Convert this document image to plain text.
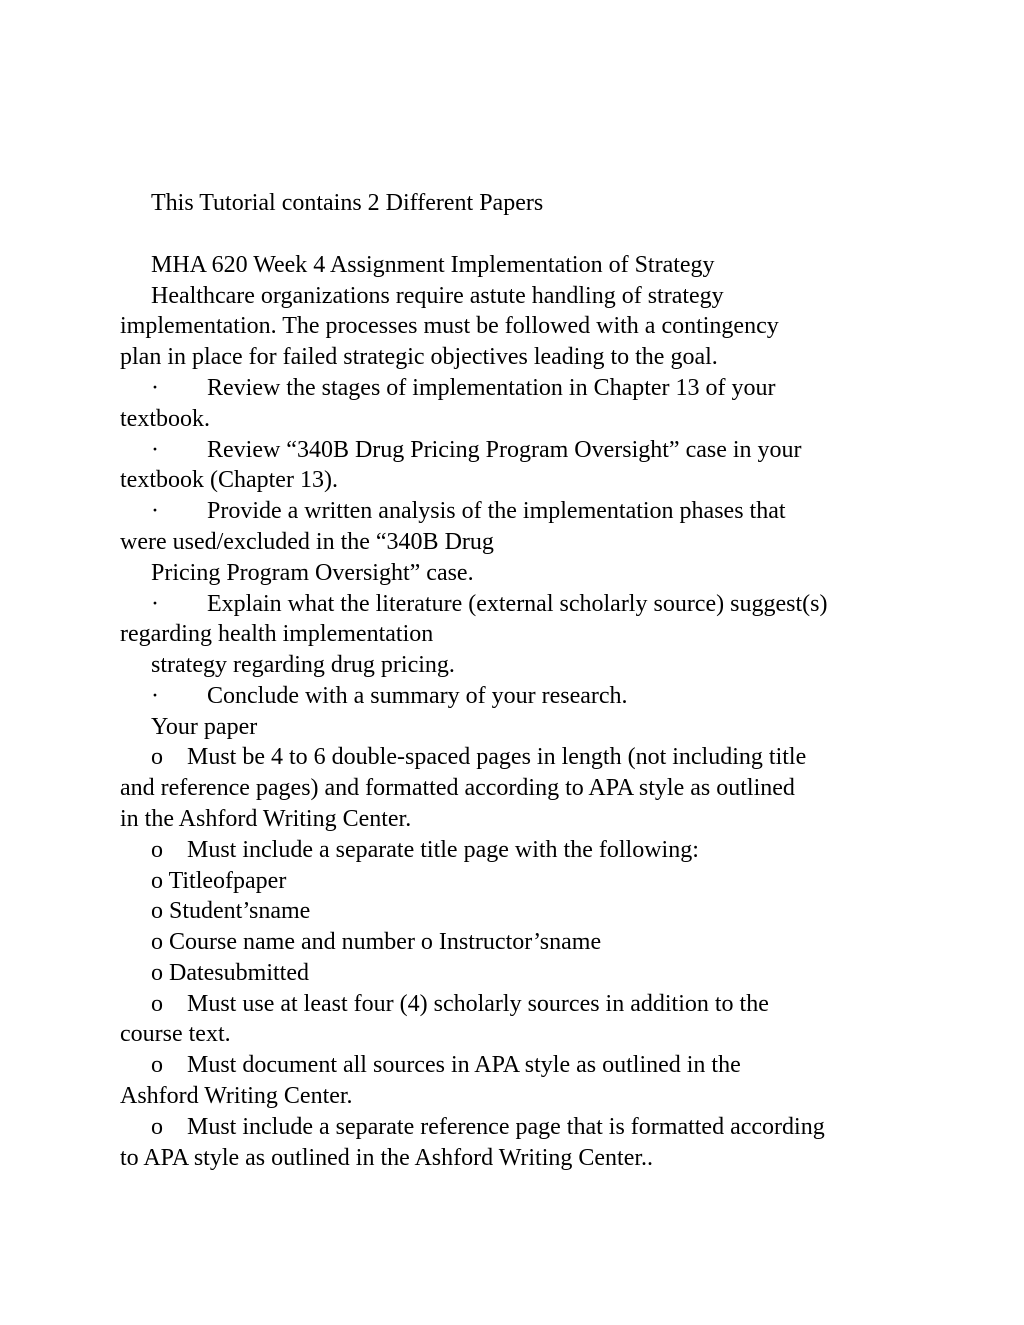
This Tutorial contains 2 Different Papers

MHA 620 Week 4 Assignment Implementation of Strategy

Healthcare organizations require astute handling of strategy

implementation. The processes must be followed with a contingency

plan in place for failed strategic objectives leading to the goal.

·        Review the stages of implementation in Chapter 13 of your

textbook.

·        Review “340B Drug Pricing Program Oversight” case in your

textbook (Chapter 13).

·        Provide a written analysis of the implementation phases that

were used/excluded in the “340B Drug

Pricing Program Oversight” case.

·        Explain what the literature (external scholarly source) suggest(s)

regarding health implementation

strategy regarding drug pricing.

·        Conclude with a summary of your research.

Your paper

o    Must be 4 to 6 double-spaced pages in length (not including title

and reference pages) and formatted according to APA style as outlined

in the Ashford Writing Center.

o    Must include a separate title page with the following:

o Titleofpaper

o Student’sname

o Course name and number o Instructor’sname

o Datesubmitted

o    Must use at least four (4) scholarly sources in addition to the

course text.

o    Must document all sources in APA style as outlined in the

Ashford Writing Center.

o    Must include a separate reference page that is formatted according

to APA style as outlined in the Ashford Writing Center..
